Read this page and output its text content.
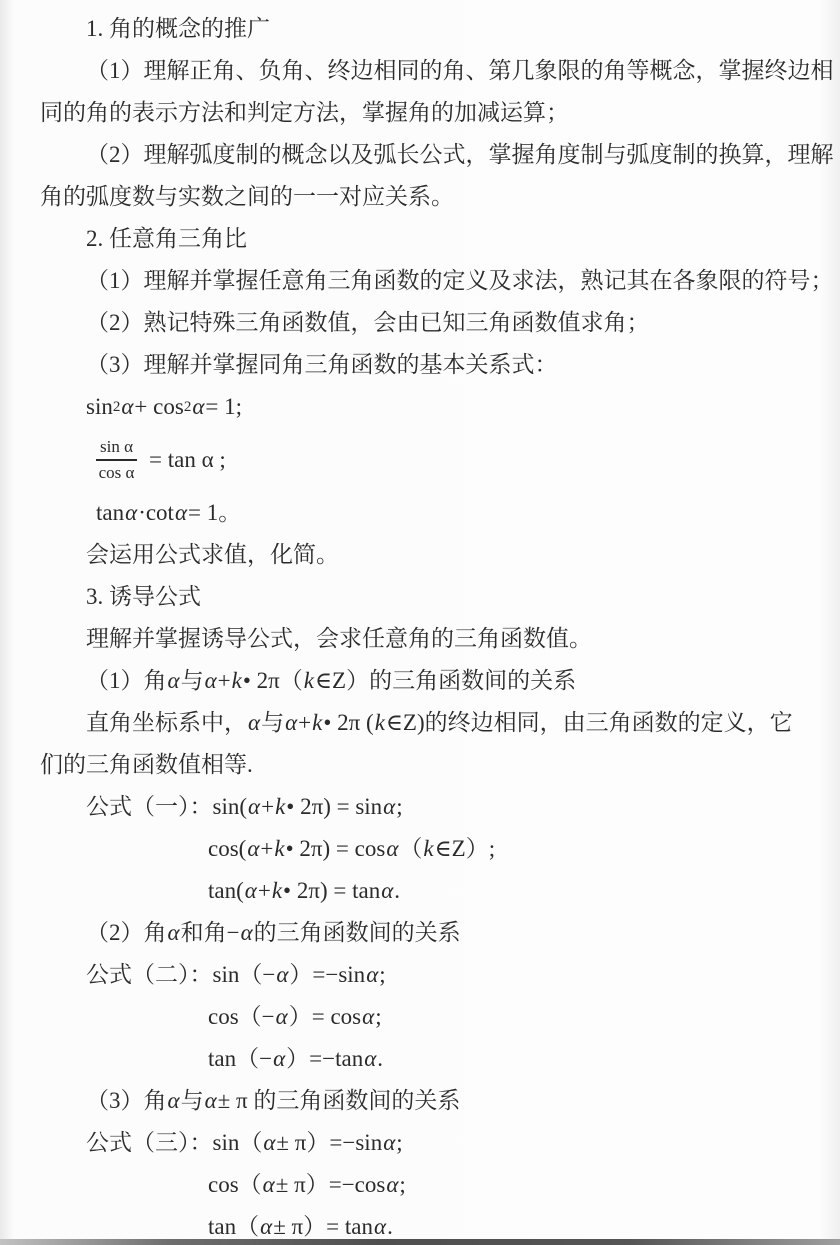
1. 角的概念的推广
（1）理解正角、负角、终边相同的角、第几象限的角等概念，掌握终边相
同的角的表示方法和判定方法，掌握角的加减运算；
（2）理解弧度制的概念以及弧长公式，掌握角度制与弧度制的换算，理解
角的弧度数与实数之间的一一对应关系。
2. 任意角三角比
（1）理解并掌握任意角三角函数的定义及求法，熟记其在各象限的符号；
（2）熟记特殊三角函数值，会由已知三角函数值求角；
（3）理解并掌握同角三角函数的基本关系式：
sin 2 α + cos 2 α = 1;
$\frac{\text{sin α}}{\text{cos α}} = \tan \alpha$ ;
tan α ·cot α = 1。
会运用公式求值，化简。
3. 诱导公式
理解并掌握诱导公式，会求任意角的三角函数值。
（1）角 α 与 α + k • 2π（ k ∈Z）的三角函数间的关系
直角坐标系中， α 与 α + k • 2π ( k ∈Z)的终边相同，由三角函数的定义，它
们的三角函数值相等.
公式（一）：sin( α + k • 2π) = sin α ;
cos( α + k • 2π) = cos α （ k ∈Z）;
tan( α + k • 2π) = tan α .
（2）角 α 和角− α 的三角函数间的关系
公式（二）：sin（− α ）=−sin α ;
cos（− α ）= cos α ;
tan（− α ）=−tan α .
（3）角 α 与 α ± π 的三角函数间的关系
公式（三）：sin（ α ± π）=−sin α ;
cos（ α ± π）=−cos α ;
tan（ α ± π）= tan α .
